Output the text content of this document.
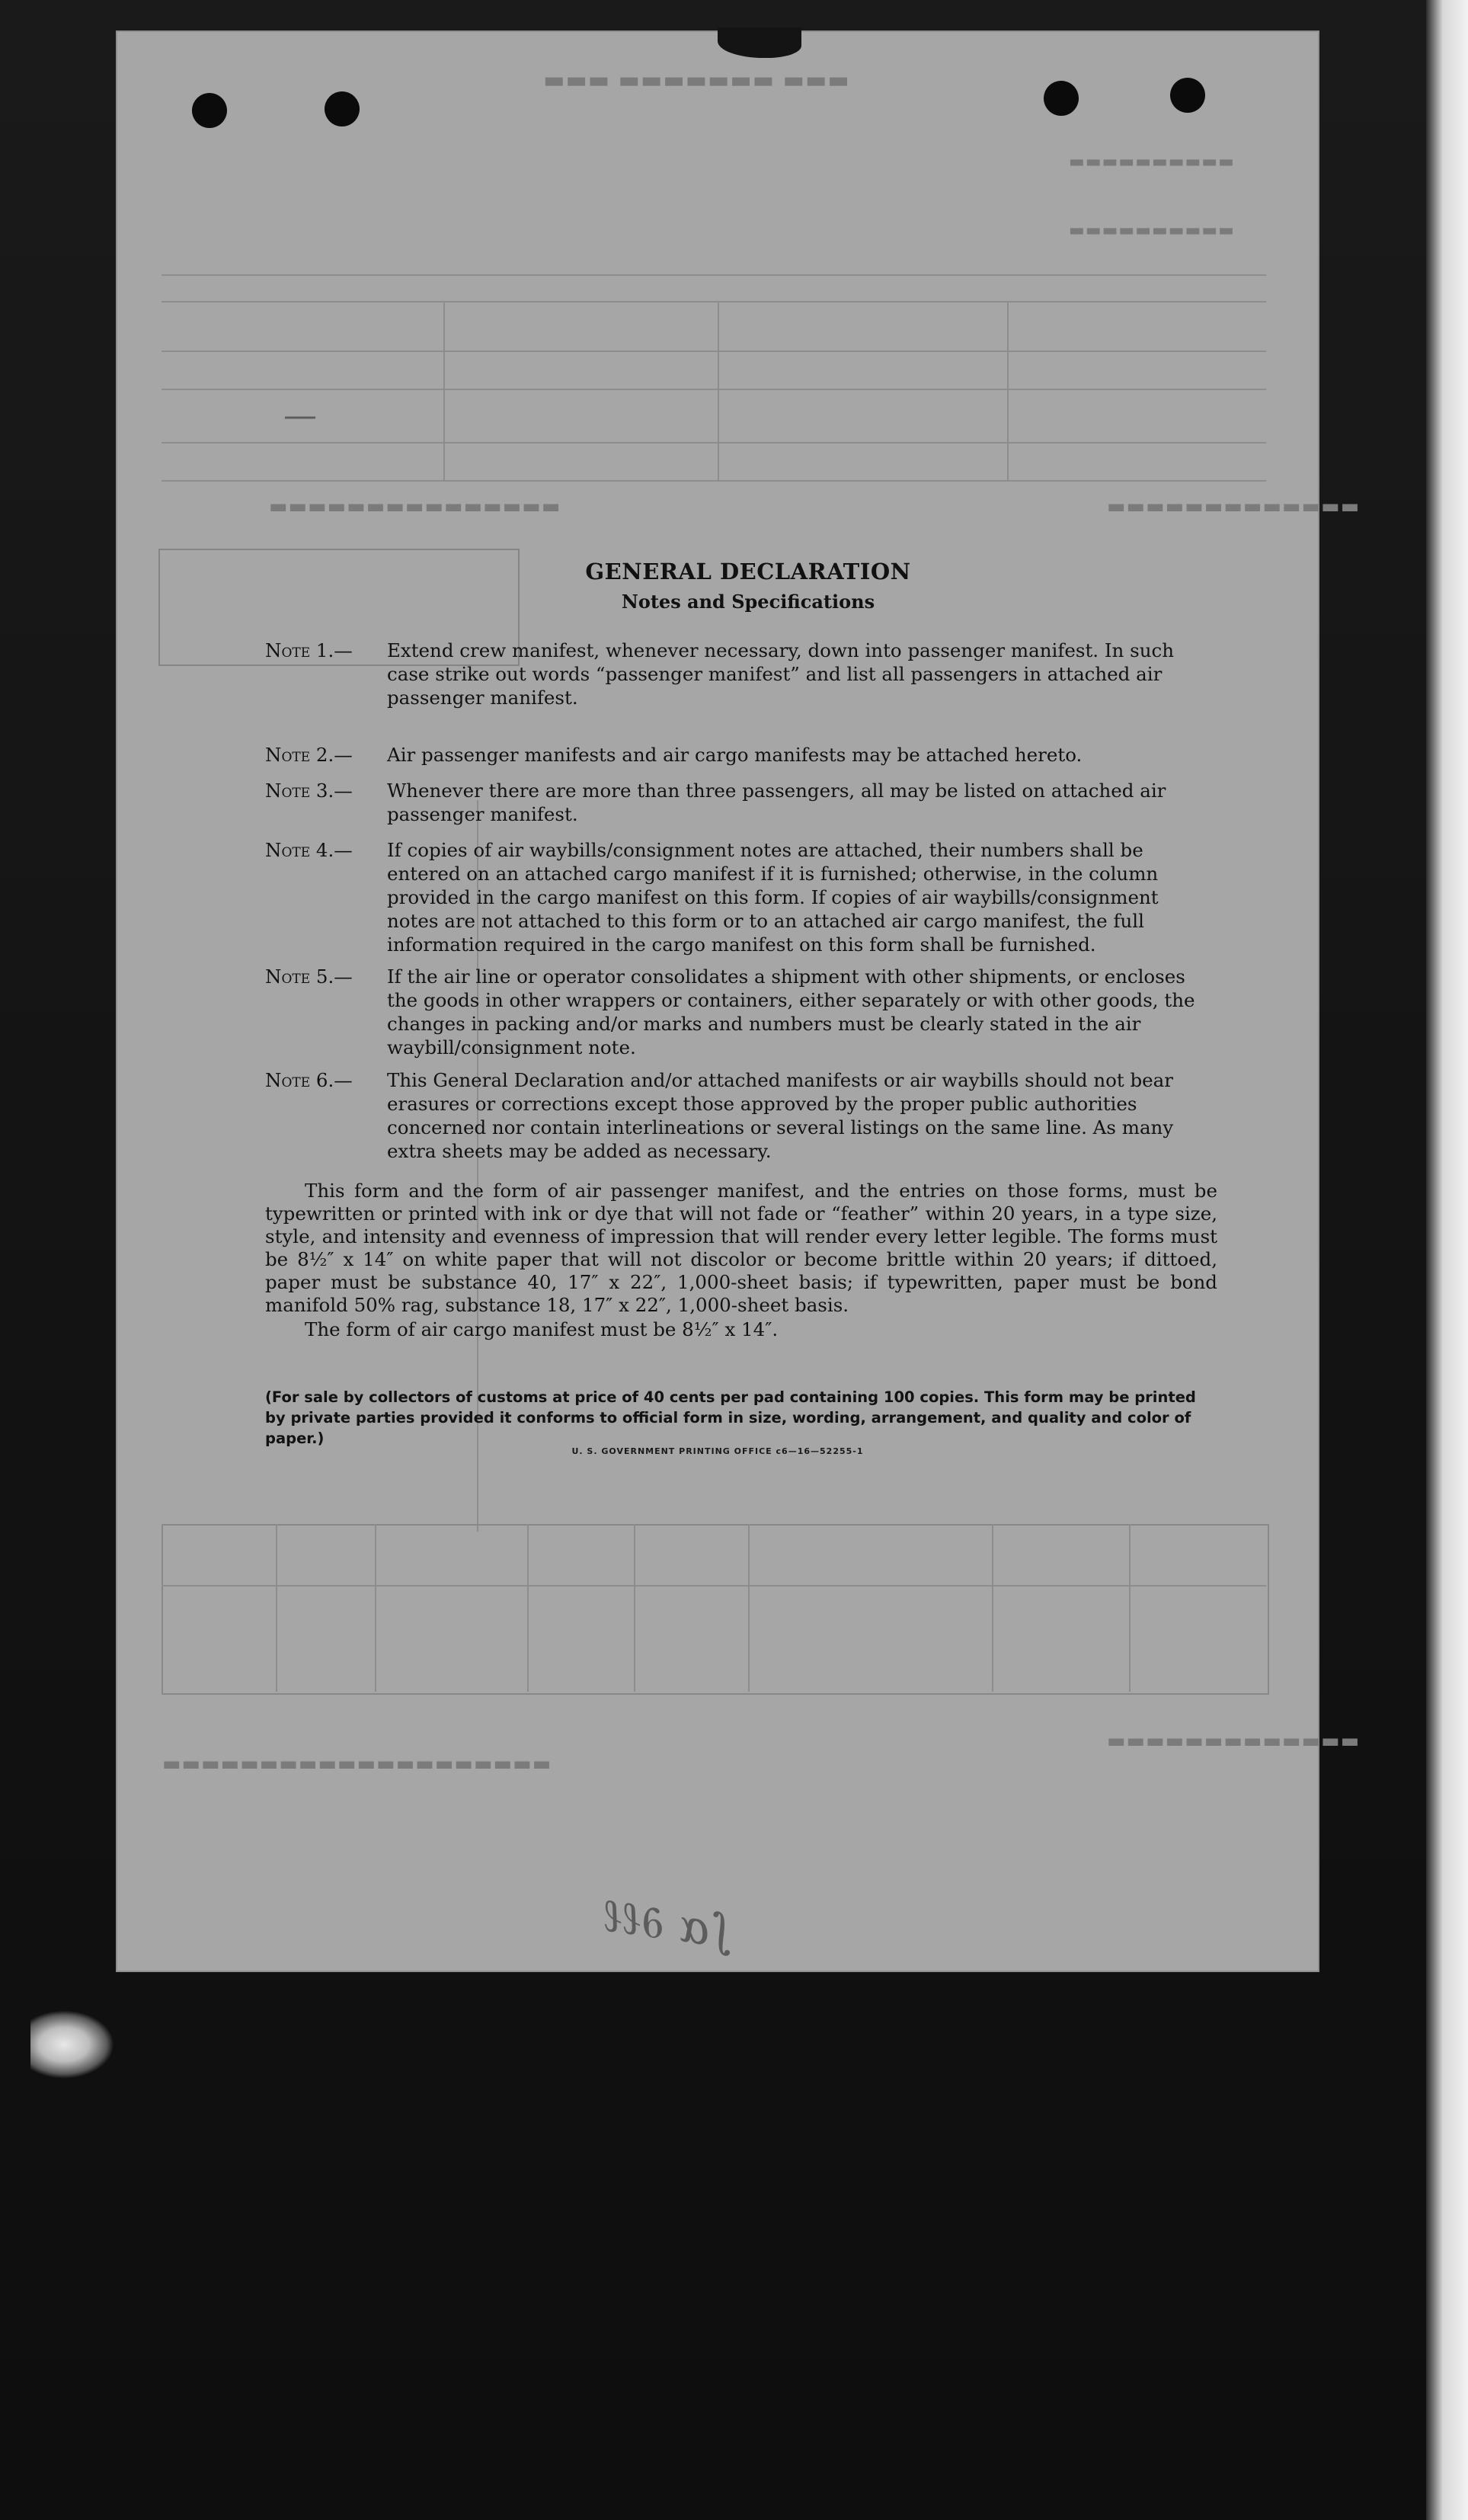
▬▬▬ ▬▬▬▬▬▬▬ ▬▬▬
▬▬▬▬▬▬▬▬▬▬
▬▬▬▬▬▬▬▬▬▬
▬▬▬▬▬▬▬▬▬▬▬▬▬
▬▬▬▬▬▬▬▬▬▬▬▬▬▬▬
▬▬▬▬▬▬▬▬▬▬▬▬▬
▬▬▬▬▬▬▬▬▬▬▬▬▬▬▬▬▬▬▬▬
—
∫ɑ ∂ℓℓ
GENERAL DECLARATION
Notes and Specifications
Note 1.—	Extend crew manifest, whenever necessary, down into passenger manifest. In such case strike out words “passenger manifest” and list all passengers in attached air passenger manifest.
Note 2.—	Air passenger manifests and air cargo manifests may be attached hereto.
Note 3.—	Whenever there are more than three passengers, all may be listed on attached air passenger manifest.
Note 4.—	If copies of air waybills/consignment notes are attached, their numbers shall be entered on an attached cargo manifest if it is furnished; otherwise, in the column provided in the cargo manifest on this form. If copies of air waybills/consignment notes are not attached to this form or to an attached air cargo manifest, the full information required in the cargo manifest on this form shall be furnished.
Note 5.—	If the air line or operator consolidates a shipment with other shipments, or encloses the goods in other wrappers or containers, either separately or with other goods, the changes in packing and/or marks and numbers must be clearly stated in the air waybill/consignment note.
Note 6.—	This General Declaration and/or attached manifests or air waybills should not bear erasures or corrections except those approved by the proper public authorities concerned nor contain interlineations or several listings on the same line. As many extra sheets may be added as necessary.
This form and the form of air passenger manifest, and the entries on those forms, must be typewritten or printed with ink or dye that will not fade or “feather” within 20 years, in a type size, style, and intensity and evenness of impression that will render every letter legible. The forms must be 8½″ x 14″ on white paper that will not discolor or become brittle within 20 years; if dittoed, paper must be substance 40, 17″ x 22″, 1,000-sheet basis; if typewritten, paper must be bond manifold 50% rag, substance 18, 17″ x 22″, 1,000-sheet basis.
The form of air cargo manifest must be 8½″ x 14″.
(For sale by collectors of customs at price of 40 cents per pad containing 100 copies. This form may be printed by private parties provided it conforms to official form in size, wording, arrangement, and quality and color of paper.)
U. S. GOVERNMENT PRINTING OFFICE c6—16—52255-1
